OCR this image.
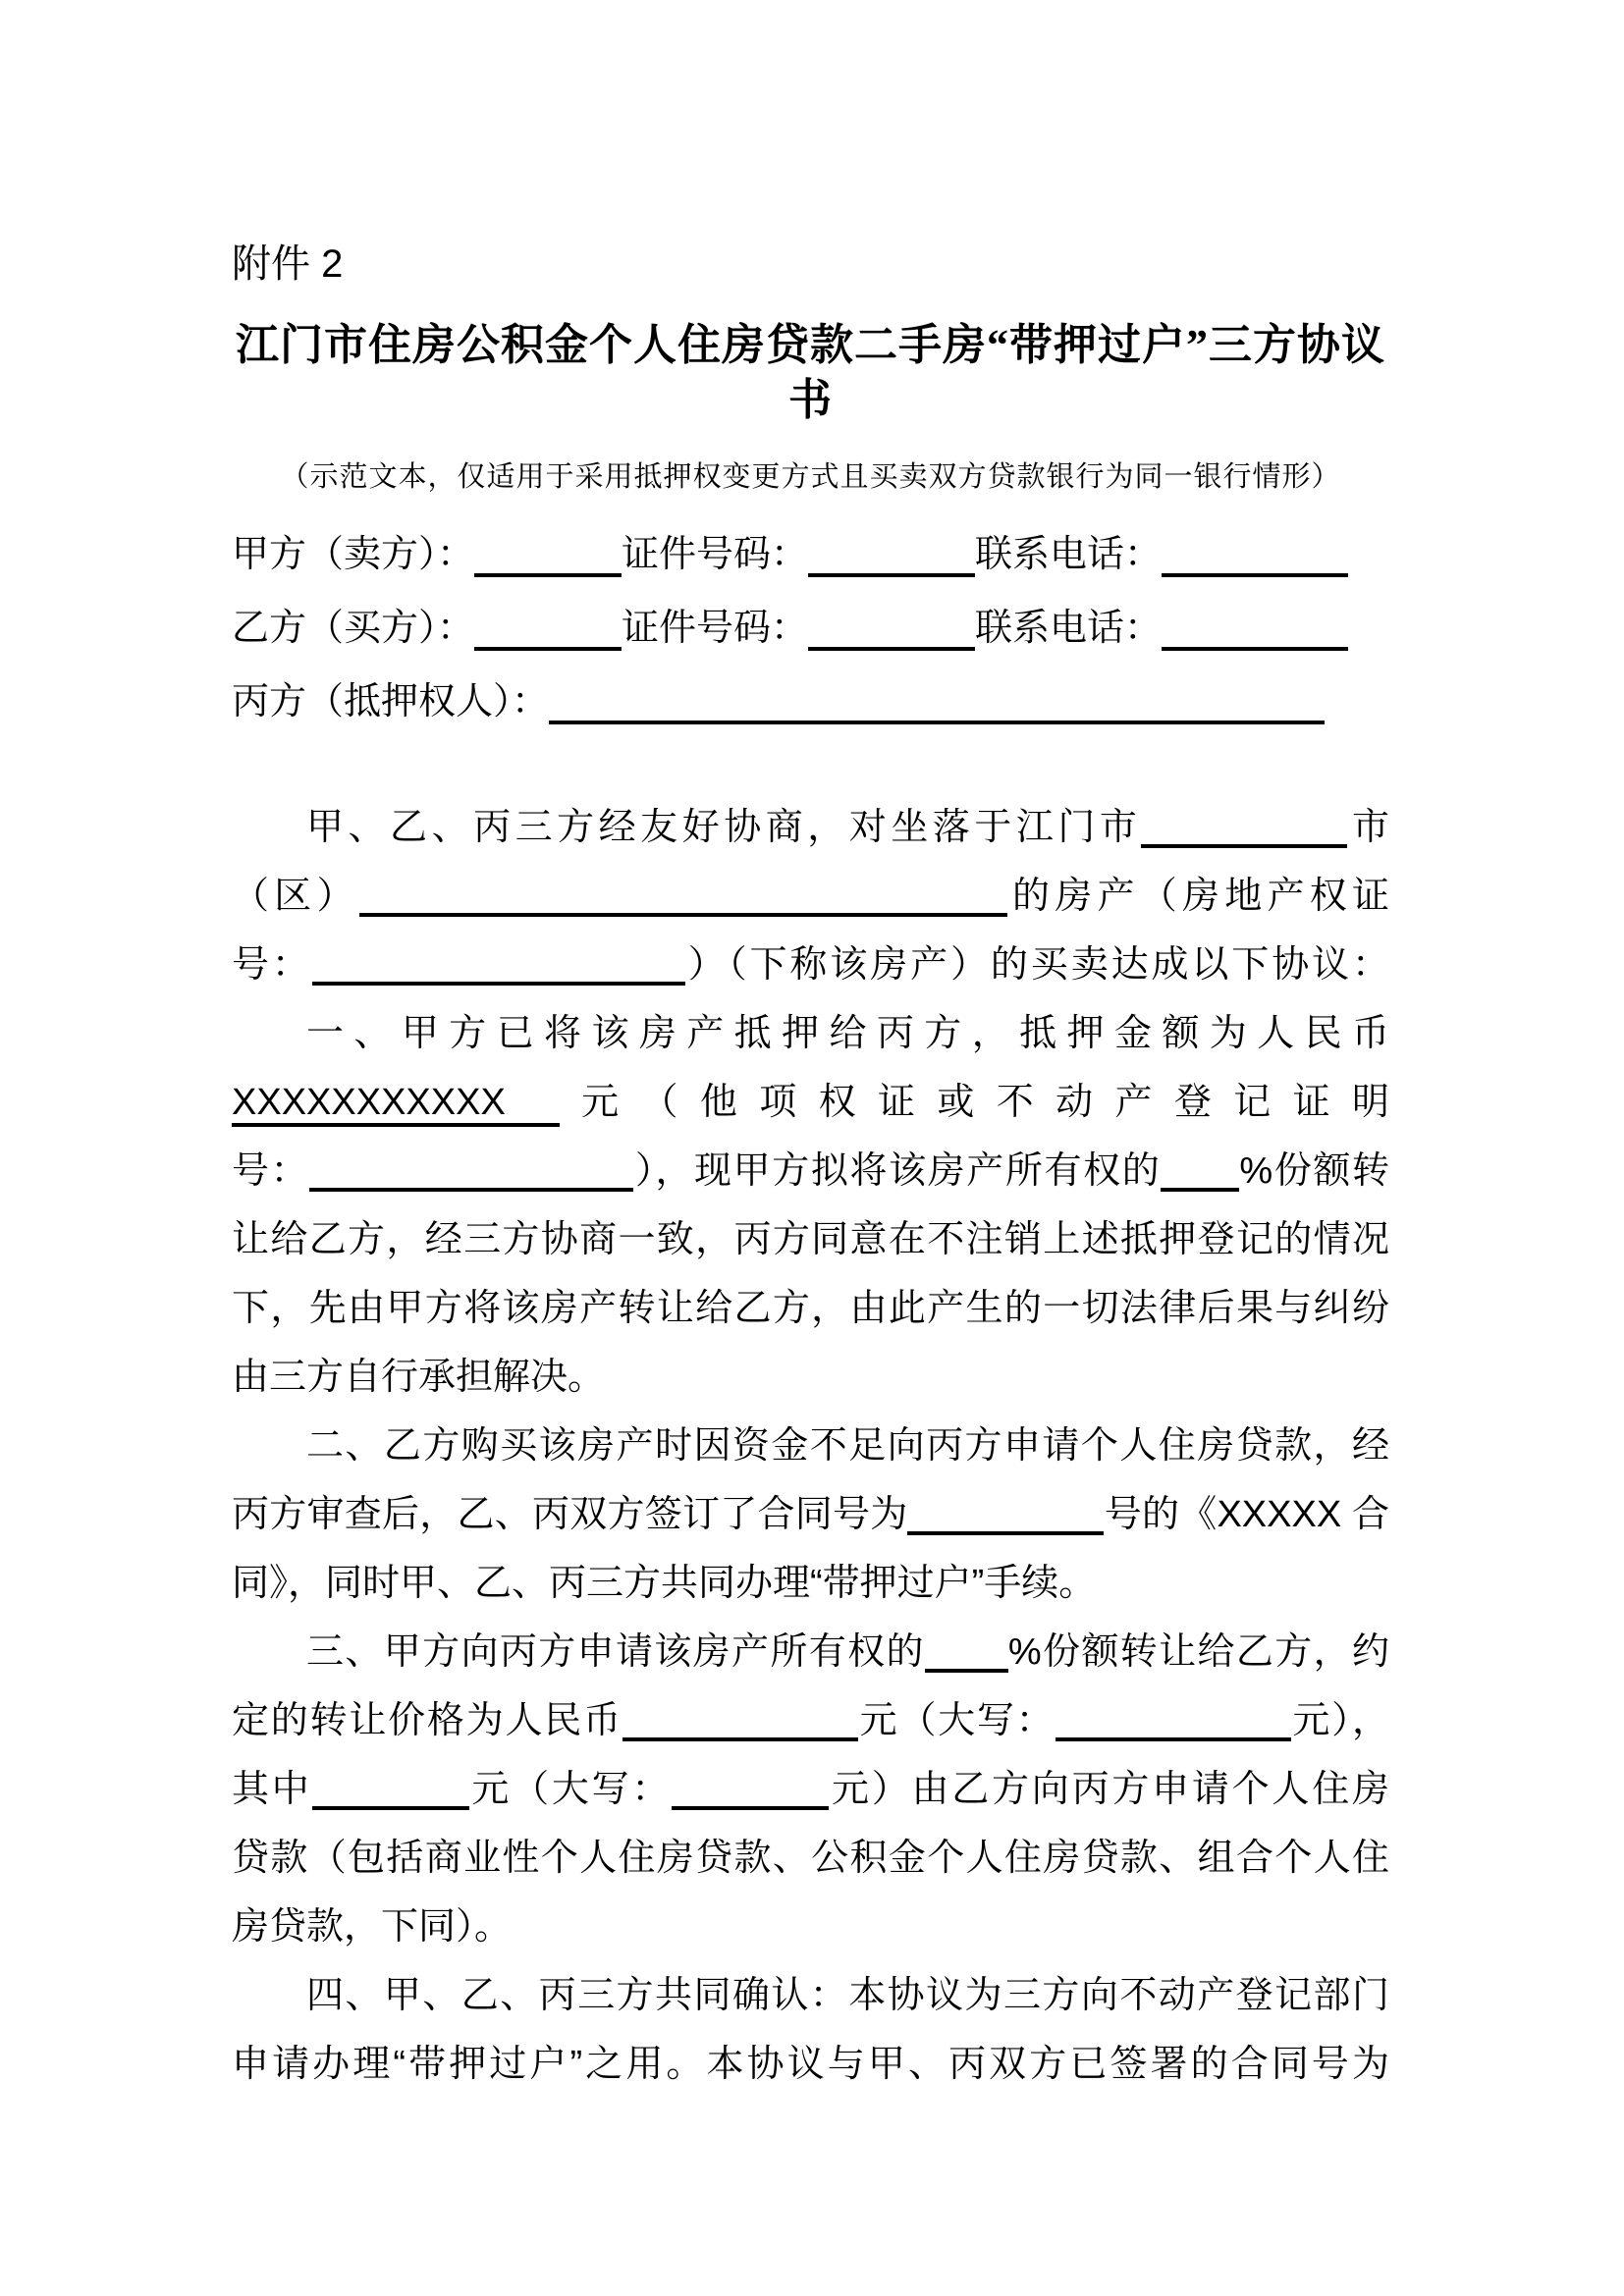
附件 2
江门市住房公积金个人住房贷款二手房“带押过户”三方协议书
（示范文本，仅适用于采用抵押权变更方式且买卖双方贷款银行为同一银行情形）
甲方（卖方）：	证件号码：	联系电话：
乙方（买方）：	证件号码：	联系电话：
丙方（抵押权人）：
甲、乙、丙三方经友好协商，对坐落于江门市	市
（区）	的房产（房地产权证
号：	）（下称该房产）的买卖达成以下协议：
一、甲方已将该房产抵押给丙方，抵押金额为人民币
XXXXXXXXXXX 元（他项权证或不动产登记证明
号：	），现甲方拟将该房产所有权的 %份额转
让给乙方，经三方协商一致，丙方同意在不注销上述抵押登记的情况
下，先由甲方将该房产转让给乙方，由此产生的一切法律后果与纠纷
由三方自行承担解决。
二、乙方购买该房产时因资金不足向丙方申请个人住房贷款，经
丙方审查后，乙、丙双方签订了合同号为	号的《XXXXX 合
同》，同时甲、乙、丙三方共同办理“带押过户”手续。
三、甲方向丙方申请该房产所有权的 %份额转让给乙方，约
定的转让价格为人民币	元（大写：	元），
其中	元（大写：	元）由乙方向丙方申请个人住房
贷款（包括商业性个人住房贷款、公积金个人住房贷款、组合个人住
房贷款，下同）。
四、甲、乙、丙三方共同确认：本协议为三方向不动产登记部门
申请办理“带押过户”之用。本协议与甲、丙双方已签署的合同号为
